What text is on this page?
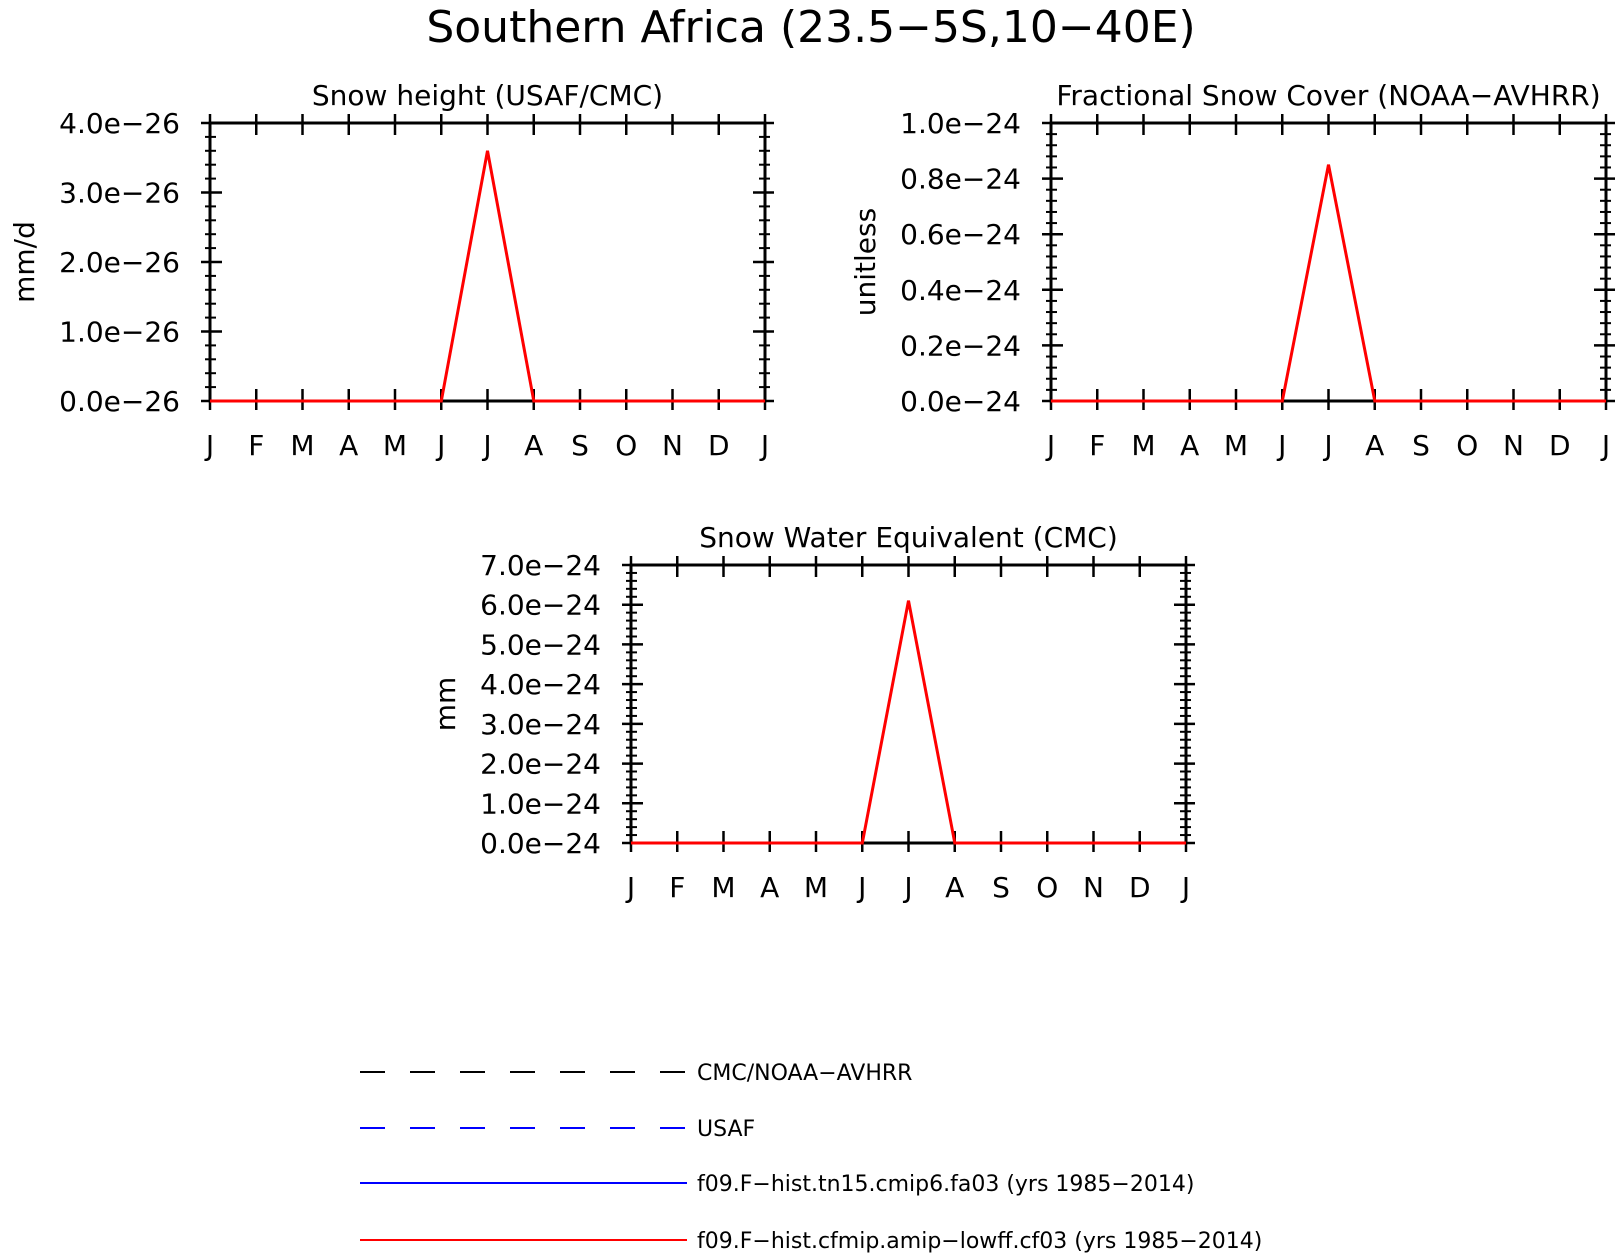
Southern Africa (23.5−5S,10−40E)
Snow height (USAF/CMC)
mm/d
0.0e−26
1.0e−26
2.0e−26
3.0e−26
4.0e−26
J F M A M J J A S O N D J
Fractional Snow Cover (NOAA−AVHRR)
unitless
0.0e−24
0.2e−24
0.4e−24
0.6e−24
0.8e−24
1.0e−24
J F M A M J J A S O N D J
Snow Water Equivalent (CMC)
mm
0.0e−24
1.0e−24
2.0e−24
3.0e−24
4.0e−24
5.0e−24
6.0e−24
7.0e−24
J F M A M J J A S O N D J
CMC/NOAA−AVHRR
USAF
f09.F−hist.tn15.cmip6.fa03 (yrs 1985−2014)
f09.F−hist.cfmip.amip−lowff.cf03 (yrs 1985−2014)
